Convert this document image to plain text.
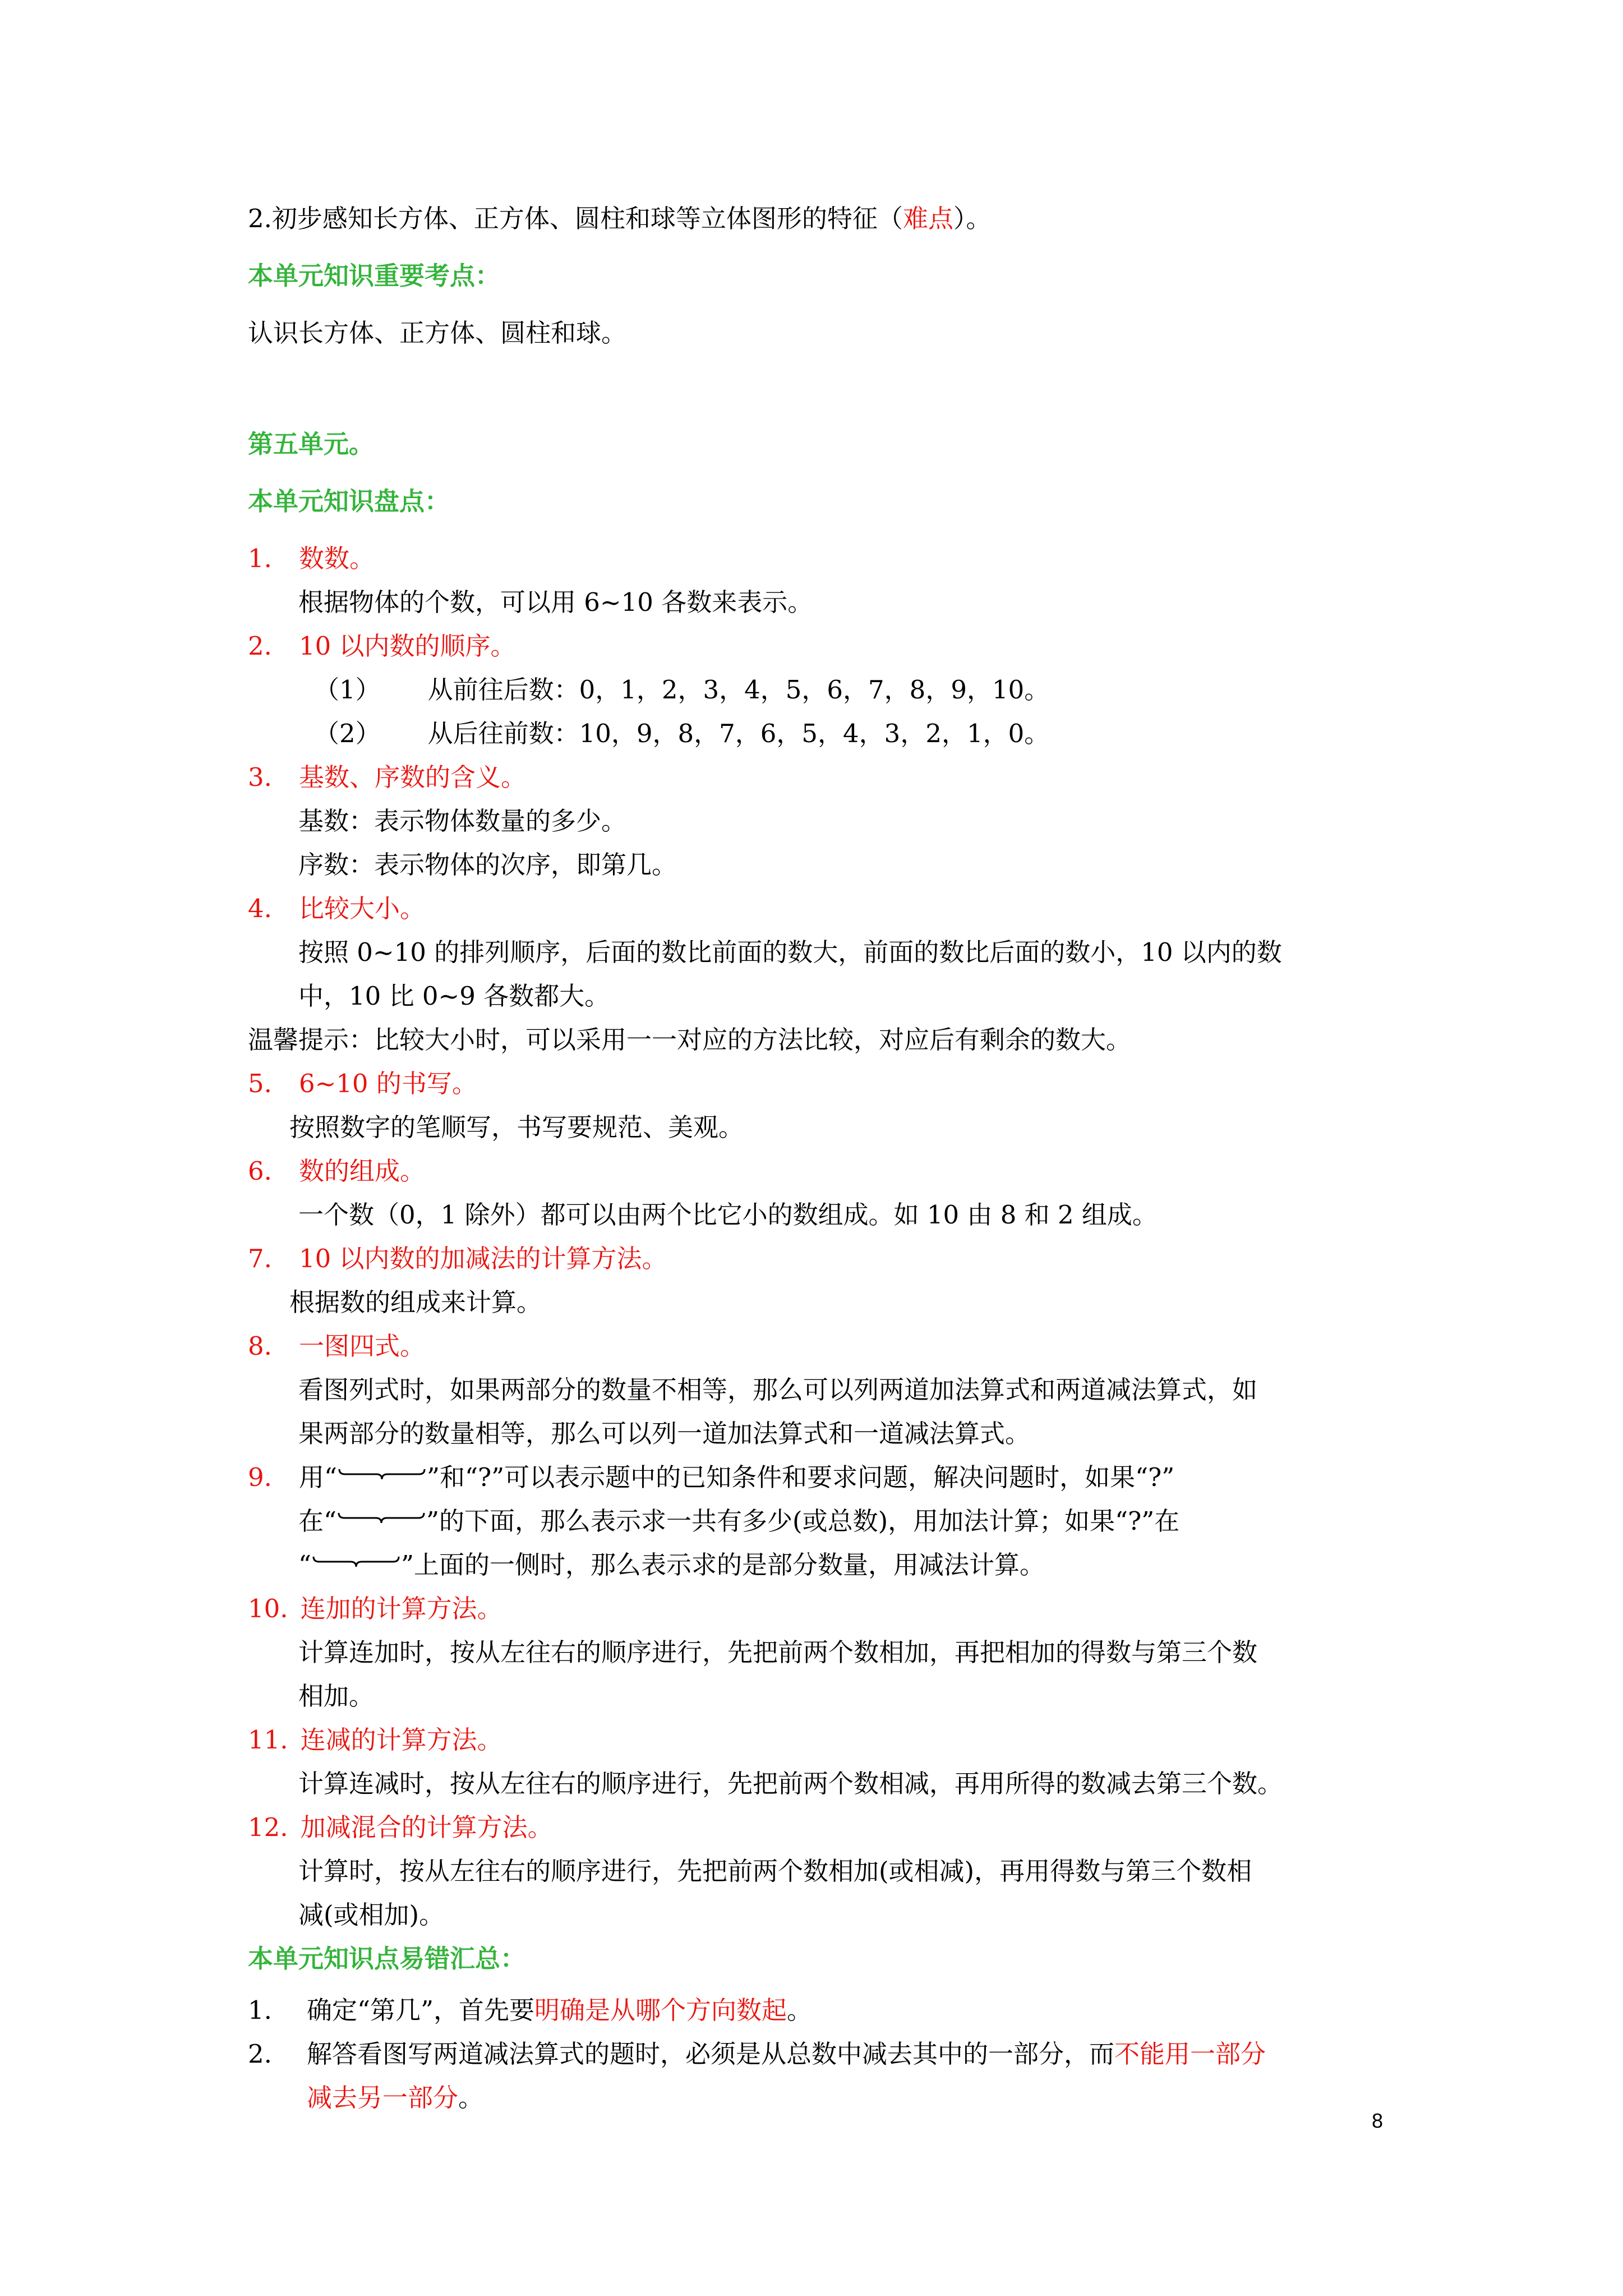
2.初步感知长方体、正方体、圆柱和球等立体图形的特征（难点）。
本单元知识重要考点：
认识长方体、正方体、圆柱和球。
第五单元。
本单元知识盘点：
1. 数数。
根据物体的个数，可以用 6~10 各数来表示。
2. 10 以内数的顺序。
（1） 从前往后数：0，1，2，3，4，5，6，7，8，9，10。
（2） 从后往前数：10，9，8，7，6，5，4，3，2，1，0。
3. 基数、序数的含义。
基数：表示物体数量的多少。
序数：表示物体的次序，即第几。
4. 比较大小。
按照 0~10 的排列顺序，后面的数比前面的数大，前面的数比后面的数小，10 以内的数
中，10 比 0~9 各数都大。
温馨提示：比较大小时，可以采用一一对应的方法比较，对应后有剩余的数大。
5. 6~10 的书写。
按照数字的笔顺写，书写要规范、美观。
6. 数的组成。
一个数（0，1 除外）都可以由两个比它小的数组成。如 10 由 8 和 2 组成。
7. 10 以内数的加减法的计算方法。
根据数的组成来计算。
8. 一图四式。
看图列式时，如果两部分的数量不相等，那么可以列两道加法算式和两道减法算式，如
果两部分的数量相等，那么可以列一道加法算式和一道减法算式。
9. 用“	”和“?”可以表示题中的已知条件和要求问题，解决问题时，如果“?”
在“	”的下面，那么表示求一共有多少(或总数)，用加法计算；如果“?”在
“	”上面的一侧时，那么表示求的是部分数量，用减法计算。
10. 连加的计算方法。
计算连加时，按从左往右的顺序进行，先把前两个数相加，再把相加的得数与第三个数
相加。
11. 连减的计算方法。
计算连减时，按从左往右的顺序进行，先把前两个数相减，再用所得的数减去第三个数。
12. 加减混合的计算方法。
计算时，按从左往右的顺序进行，先把前两个数相加(或相减)，再用得数与第三个数相
减(或相加)。
本单元知识点易错汇总：
1. 确定“第几”，首先要明确是从哪个方向数起。
2. 解答看图写两道减法算式的题时，必须是从总数中减去其中的一部分，而不能用一部分
减去另一部分。
8
